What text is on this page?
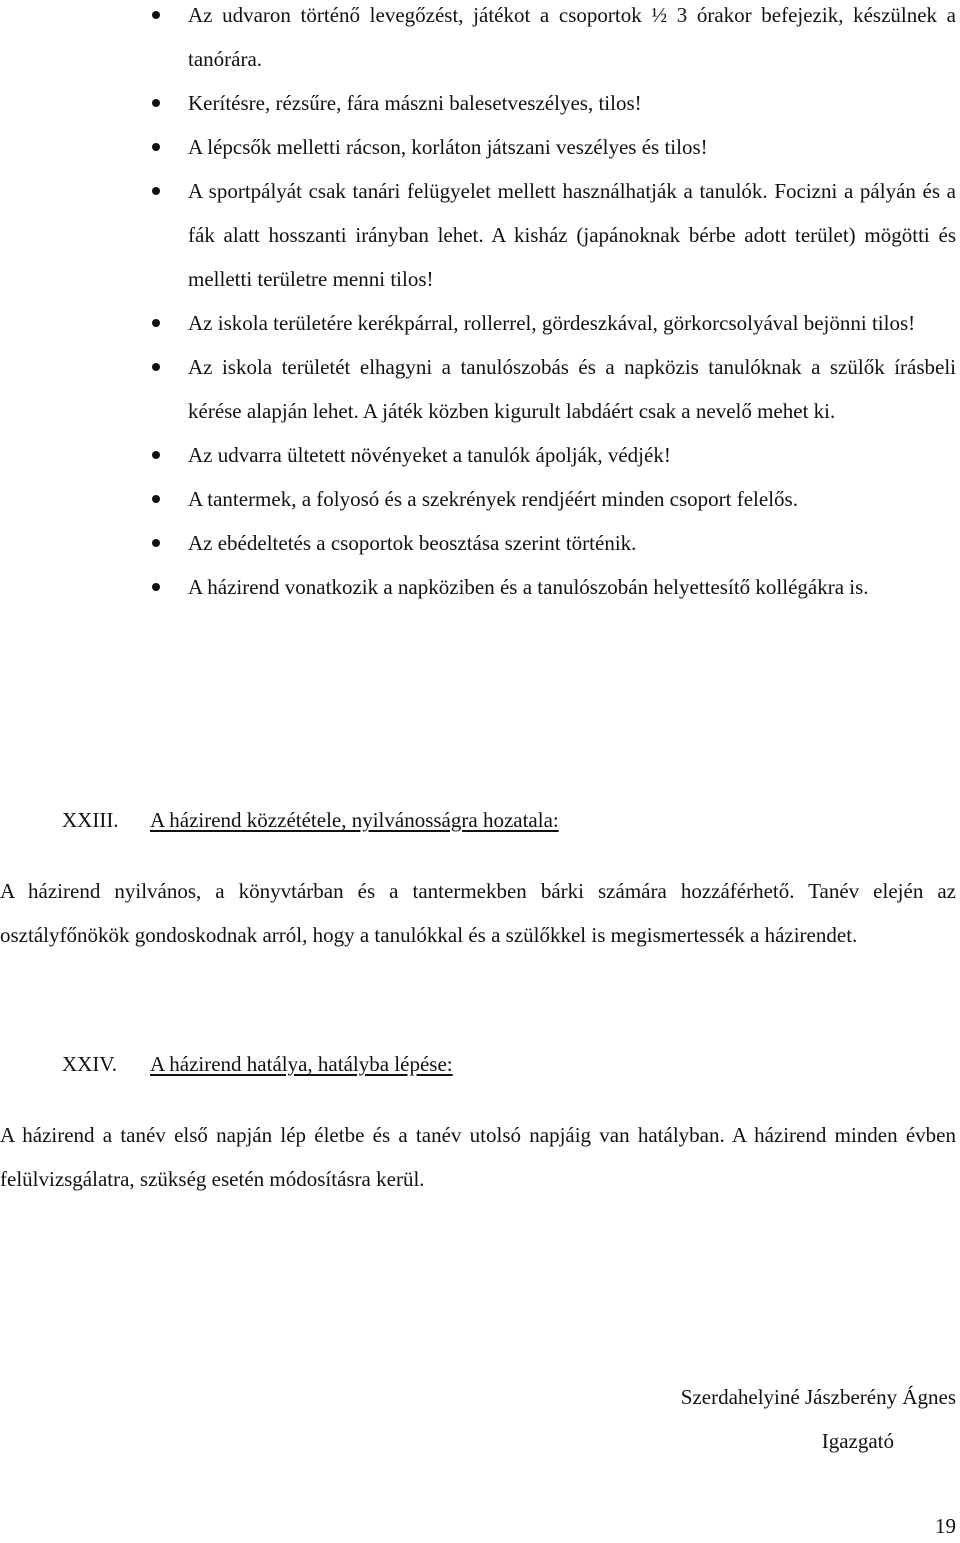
Az udvaron történő levegőzést, játékot a csoportok ½ 3 órakor befejezik, készülnek a tanórára.
Kerítésre, rézsűre, fára mászni balesetveszélyes, tilos!
A lépcsők melletti rácson, korláton játszani veszélyes és tilos!
A sportpályát csak tanári felügyelet mellett használhatják a tanulók. Focizni a pályán és a fák alatt hosszanti irányban lehet. A kisház (japánoknak bérbe adott terület) mögötti és melletti területre menni tilos!
Az iskola területére kerékpárral, rollerrel, gördeszkával, görkorcsolyával bejönni tilos!
Az iskola területét elhagyni a tanulószobás és a napközis tanulóknak a szülők írásbeli kérése alapján lehet. A játék közben kigurult labdáért csak a nevelő mehet ki.
Az udvarra ültetett növényeket a tanulók ápolják, védjék!
A tantermek, a folyosó és a szekrények rendjéért minden csoport felelős.
Az ebédeltetés a csoportok beosztása szerint történik.
A házirend vonatkozik a napköziben és a tanulószobán helyettesítő kollégákra is.
XXIII. A házirend közzététele, nyilvánosságra hozatala:
A házirend nyilvános, a könyvtárban és a tantermekben bárki számára hozzáférhető. Tanév elején az osztályfőnökök gondoskodnak arról, hogy a tanulókkal és a szülőkkel is megismertessék a házirendet.
XXIV. A házirend hatálya, hatályba lépése:
A házirend a tanév első napján lép életbe és a tanév utolsó napjáig van hatályban. A házirend minden évben felülvizsgálatra, szükség esetén módosításra kerül.
Szerdahelyiné Jászberény Ágnes
Igazgató
19
